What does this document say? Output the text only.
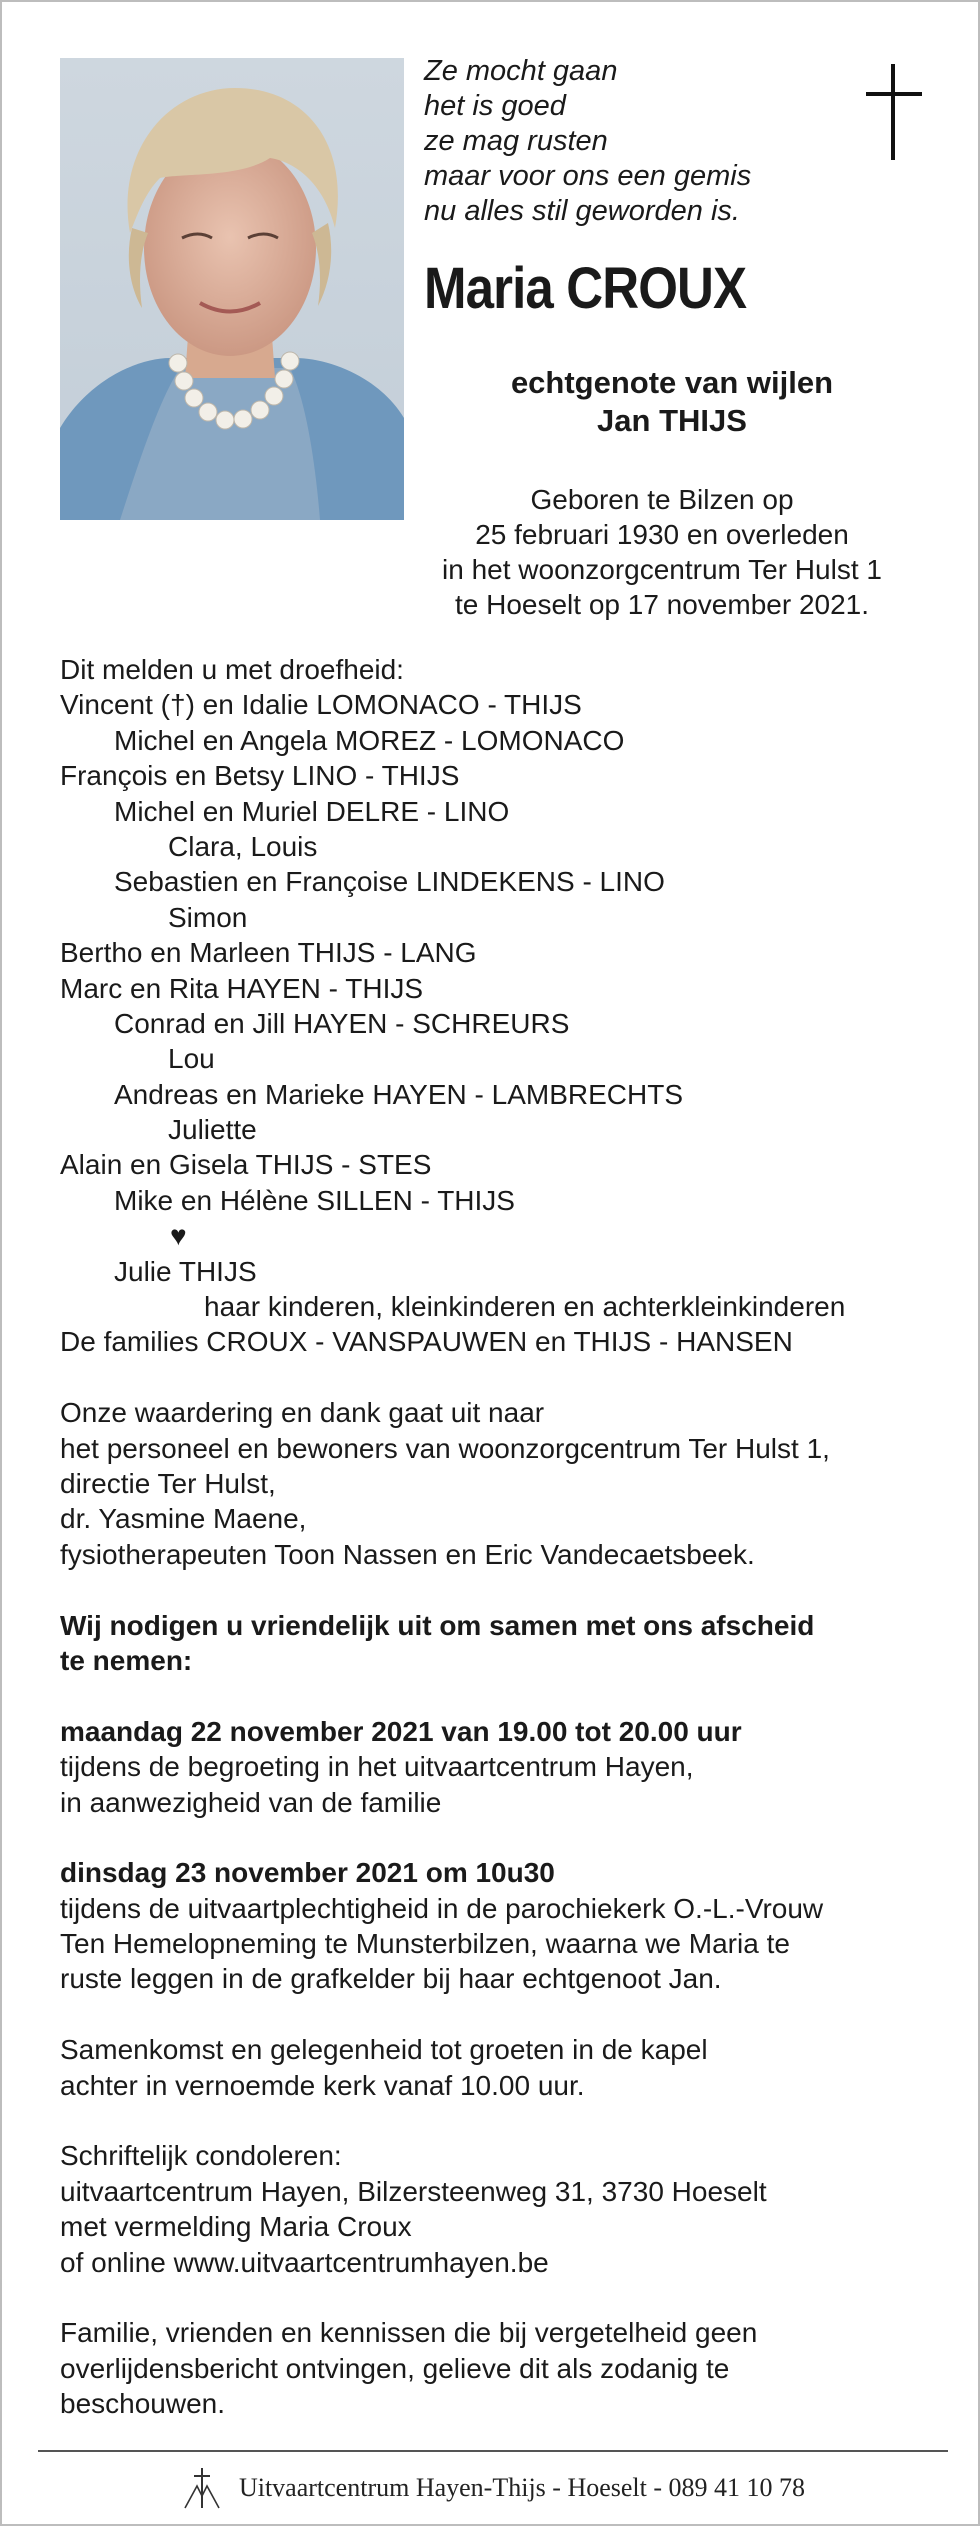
Ze mocht gaan
het is goed
ze mag rusten
maar voor ons een gemis
nu alles stil geworden is.
Maria CROUX
echtgenote van wijlen
Jan THIJS
Geboren te Bilzen op
25 februari 1930 en overleden
in het woonzorgcentrum Ter Hulst 1
te Hoeselt op 17 november 2021.
Dit melden u met droefheid:
Vincent (†) en Idalie LOMONACO - THIJS
Michel en Angela MOREZ - LOMONACO
François en Betsy LINO - THIJS
Michel en Muriel DELRE - LINO
Clara, Louis
Sebastien en Françoise LINDEKENS - LINO
Simon
Bertho en Marleen THIJS - LANG
Marc en Rita HAYEN - THIJS
Conrad en Jill HAYEN - SCHREURS
Lou
Andreas en Marieke HAYEN - LAMBRECHTS
Juliette
Alain en Gisela THIJS - STES
Mike en Hélène SILLEN - THIJS
♥
Julie THIJS
haar kinderen, kleinkinderen en achterkleinkinderen
De families CROUX - VANSPAUWEN en THIJS - HANSEN
Onze waardering en dank gaat uit naar
het personeel en bewoners van woonzorgcentrum Ter Hulst 1,
directie Ter Hulst,
dr. Yasmine Maene,
fysiotherapeuten Toon Nassen en Eric Vandecaetsbeek.
Wij nodigen u vriendelijk uit om samen met ons afscheid
te nemen:
maandag 22 november 2021 van 19.00 tot 20.00 uur
tijdens de begroeting in het uitvaartcentrum Hayen,
in aanwezigheid van de familie
dinsdag 23 november 2021 om 10u30
tijdens de uitvaartplechtigheid in de parochiekerk O.-L.-Vrouw
Ten Hemelopneming te Munsterbilzen, waarna we Maria te
ruste leggen in de grafkelder bij haar echtgenoot Jan.
Samenkomst en gelegenheid tot groeten in de kapel
achter in vernoemde kerk vanaf 10.00 uur.
Schriftelijk condoleren:
uitvaartcentrum Hayen, Bilzersteenweg 31, 3730 Hoeselt
met vermelding Maria Croux
of online www.uitvaartcentrumhayen.be
Familie, vrienden en kennissen die bij vergetelheid geen
overlijdensbericht ontvingen, gelieve dit als zodanig te
beschouwen.
Uitvaartcentrum Hayen-Thijs - Hoeselt - 089 41 10 78
